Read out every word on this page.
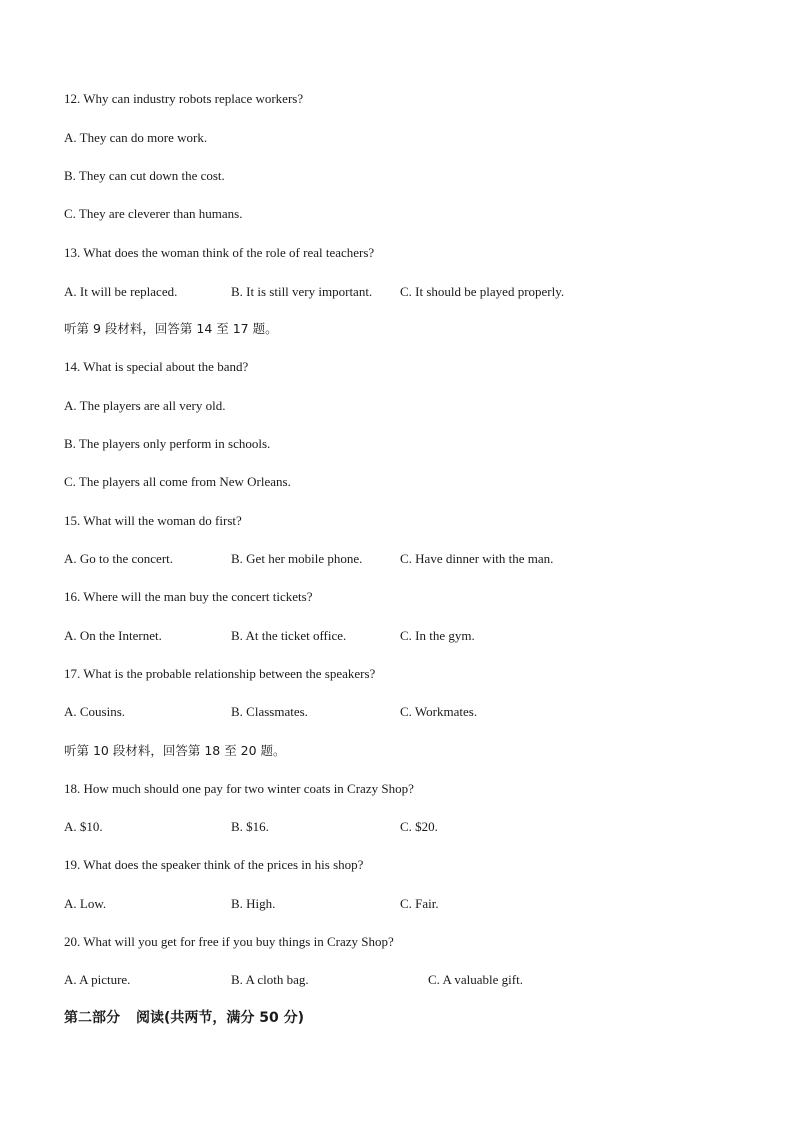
12. Why can industry robots replace workers?
A. They can do more work.
B. They can cut down the cost.
C. They are cleverer than humans.
13. What does the woman think of the role of real teachers?
A. It will be replaced.	B. It is still very important. C. It should be played properly.
听第 9 段材料，回答第 14 至 17 题。
14. What is special about the band?
A. The players are all very old.
B. The players only perform in schools.
C. The players all come from New Orleans.
15. What will the woman do first?
A. Go to the concert.	B. Get her mobile phone.	C. Have dinner with the man.
16. Where will the man buy the concert tickets?
A. On the Internet.	B. At the ticket office.	C. In the gym.
17. What is the probable relationship between the speakers?
A. Cousins.	B. Classmates.	C. Workmates.
听第 10 段材料，回答第 18 至 20 题。
18. How much should one pay for two winter coats in Crazy Shop?
A. $10.	B. $16.	C. $20.
19. What does the speaker think of the prices in his shop?
A. Low.	B. High.	C. Fair.
20. What will you get for free if you buy things in Crazy Shop?
A. A picture.	B. A cloth bag.	C. A valuable gift.
第二部分 阅读(共两节，满分 50 分)
